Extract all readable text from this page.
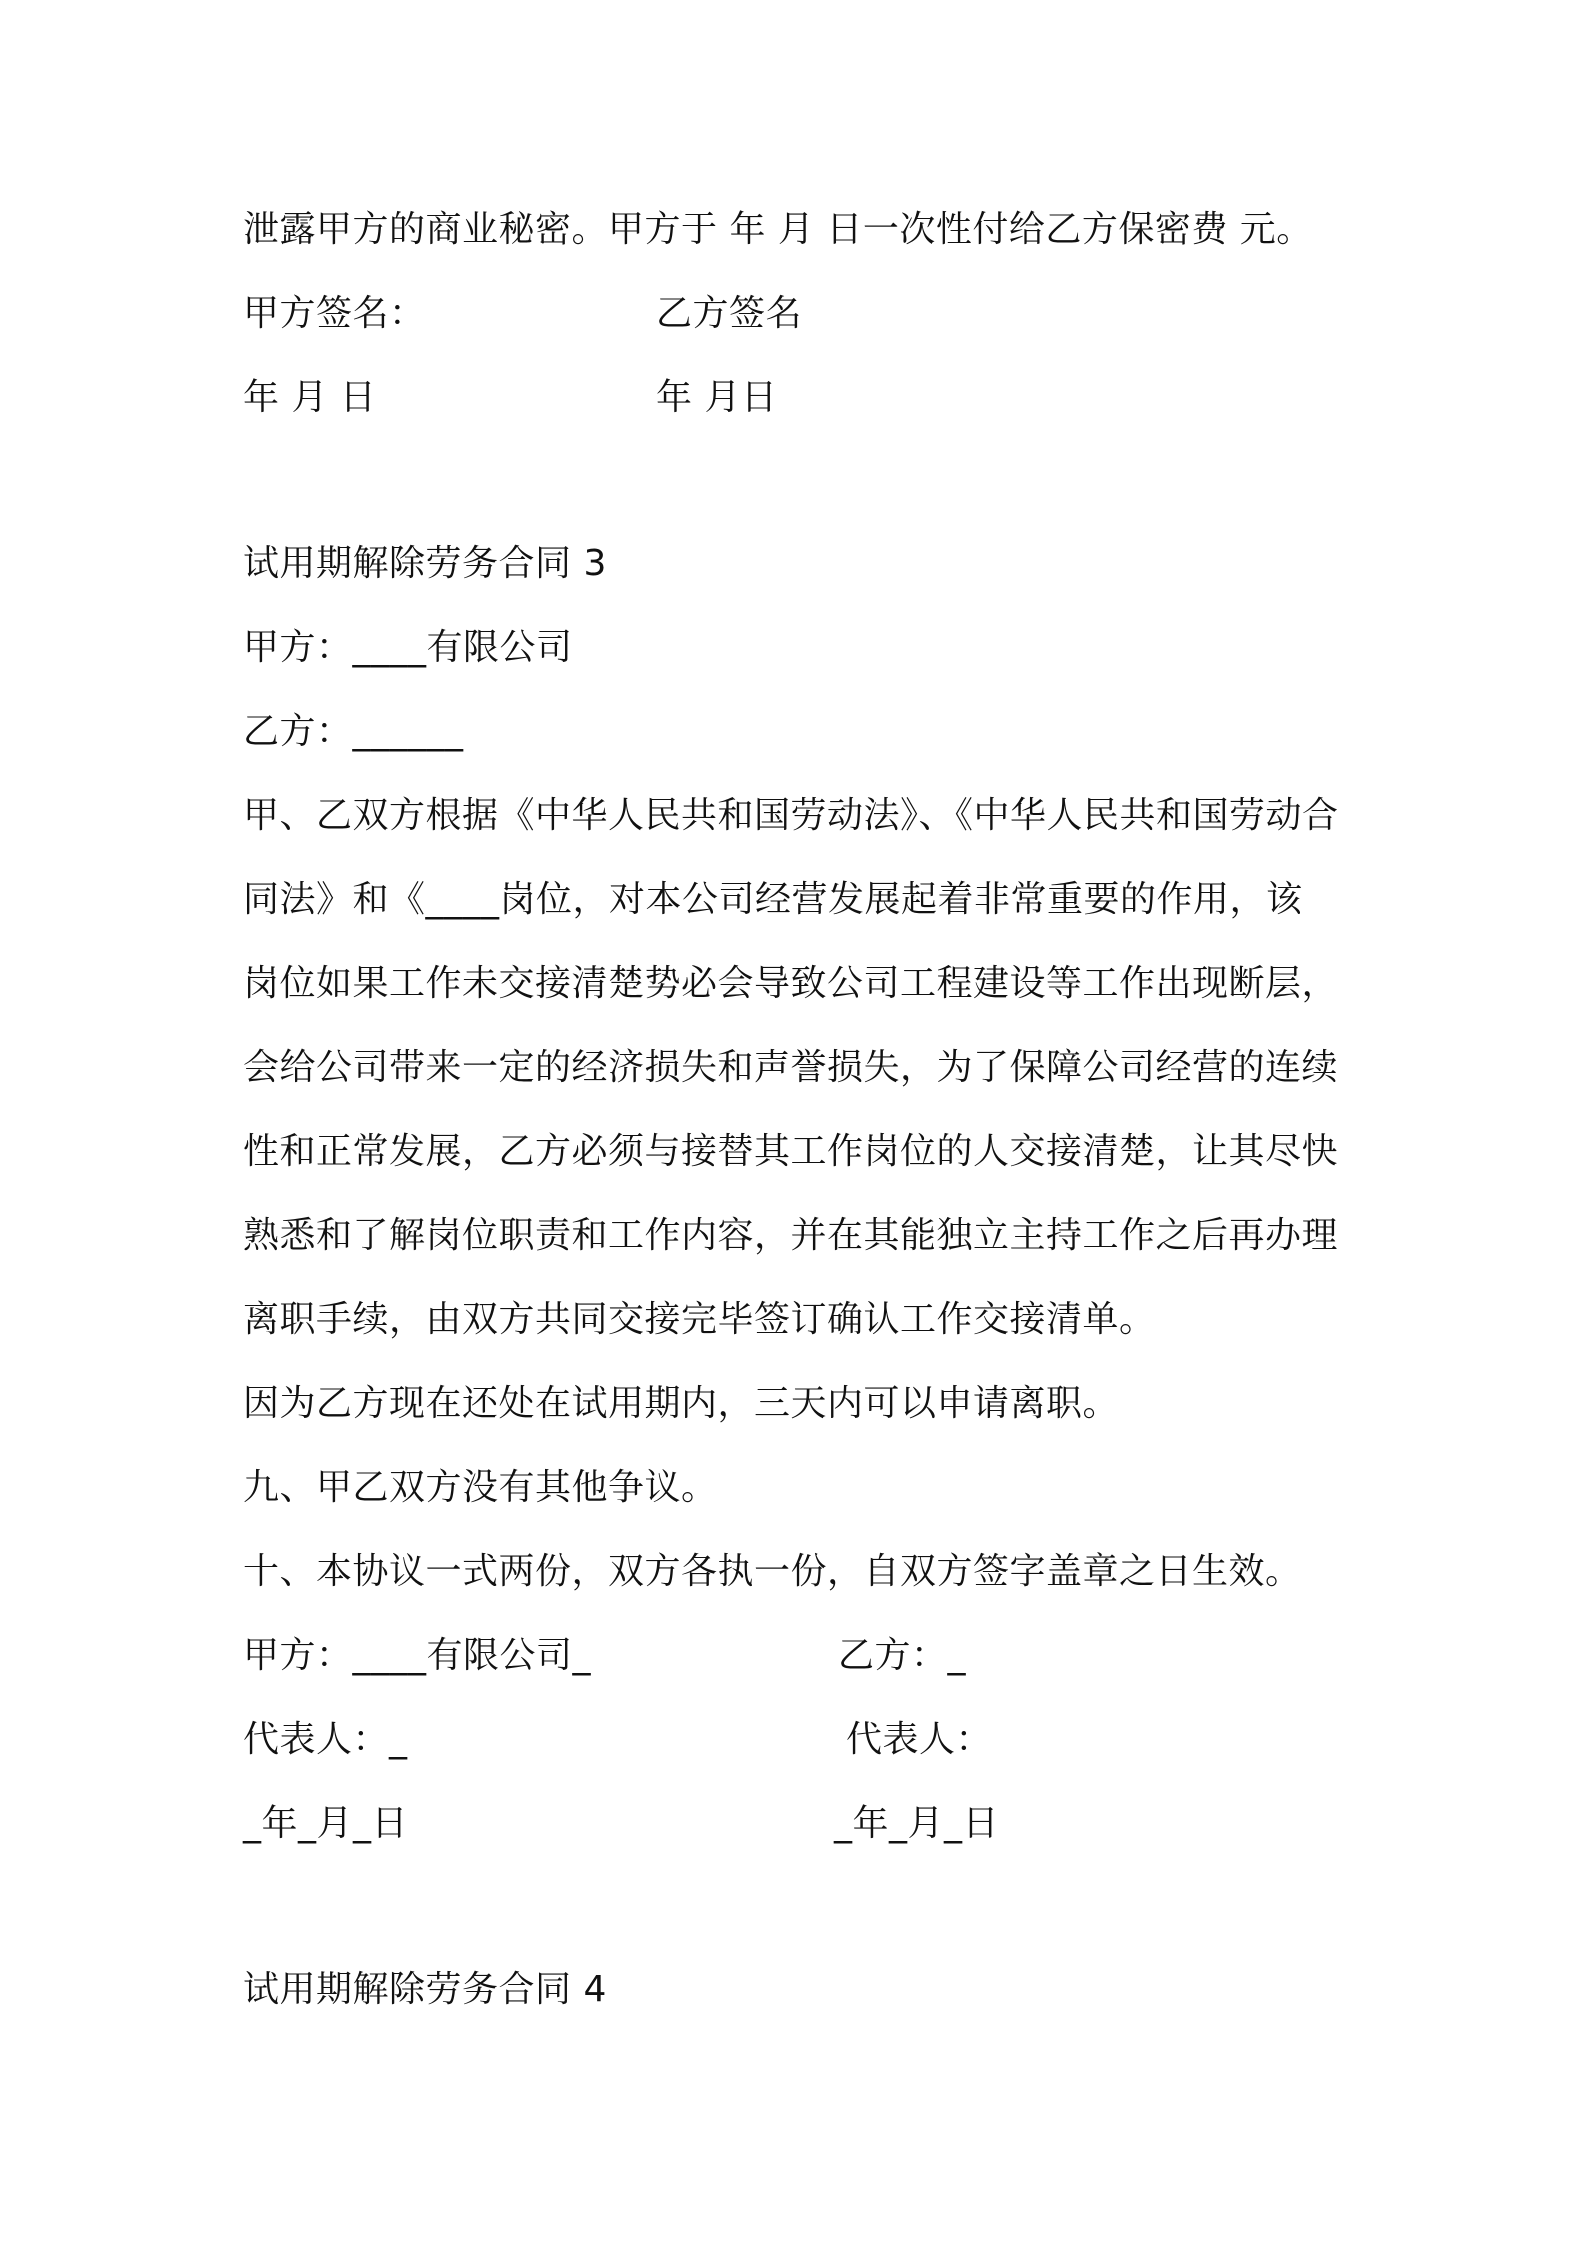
泄露甲方的商业秘密。甲方于 年 月 日一次性付给乙方保密费 元。
甲方签名：	乙方签名
年 月 日	年 月日
试用期解除劳务合同 3
甲方：____有限公司
乙方：______
甲、乙双方根据《中华人民共和国劳动法》、《中华人民共和国劳动合
同法》和《____岗位，对本公司经营发展起着非常重要的作用，该
岗位如果工作未交接清楚势必会导致公司工程建设等工作出现断层，
会给公司带来一定的经济损失和声誉损失，为了保障公司经营的连续
性和正常发展，乙方必须与接替其工作岗位的人交接清楚，让其尽快
熟悉和了解岗位职责和工作内容，并在其能独立主持工作之后再办理
离职手续，由双方共同交接完毕签订确认工作交接清单。
因为乙方现在还处在试用期内，三天内可以申请离职。
九、甲乙双方没有其他争议。
十、本协议一式两份，双方各执一份，自双方签字盖章之日生效。
甲方：____有限公司_	乙方：_
代表人：_	代表人：
_年_月_日	_年_月_日
试用期解除劳务合同 4
